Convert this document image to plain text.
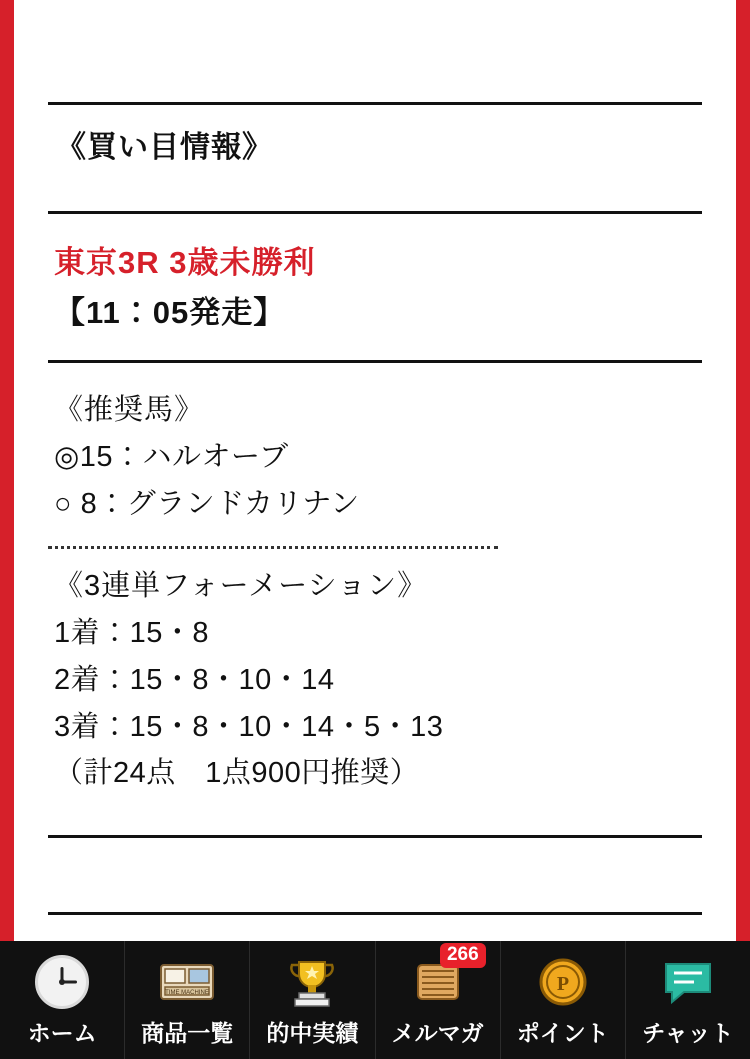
《買い目情報》
東京3R 3歳未勝利
【11：05発走】
《推奨馬》
◎15：ハルオーブ
○ 8：グランドカリナン
《3連単フォーメーション》
1着：15・8
2着：15・8・10・14
3着：15・8・10・14・5・13
（計24点　1点900円推奨）
ホーム
TIME MACHINE
商品一覧 的中実績
266
メルマガ
P
ポイント チャット
